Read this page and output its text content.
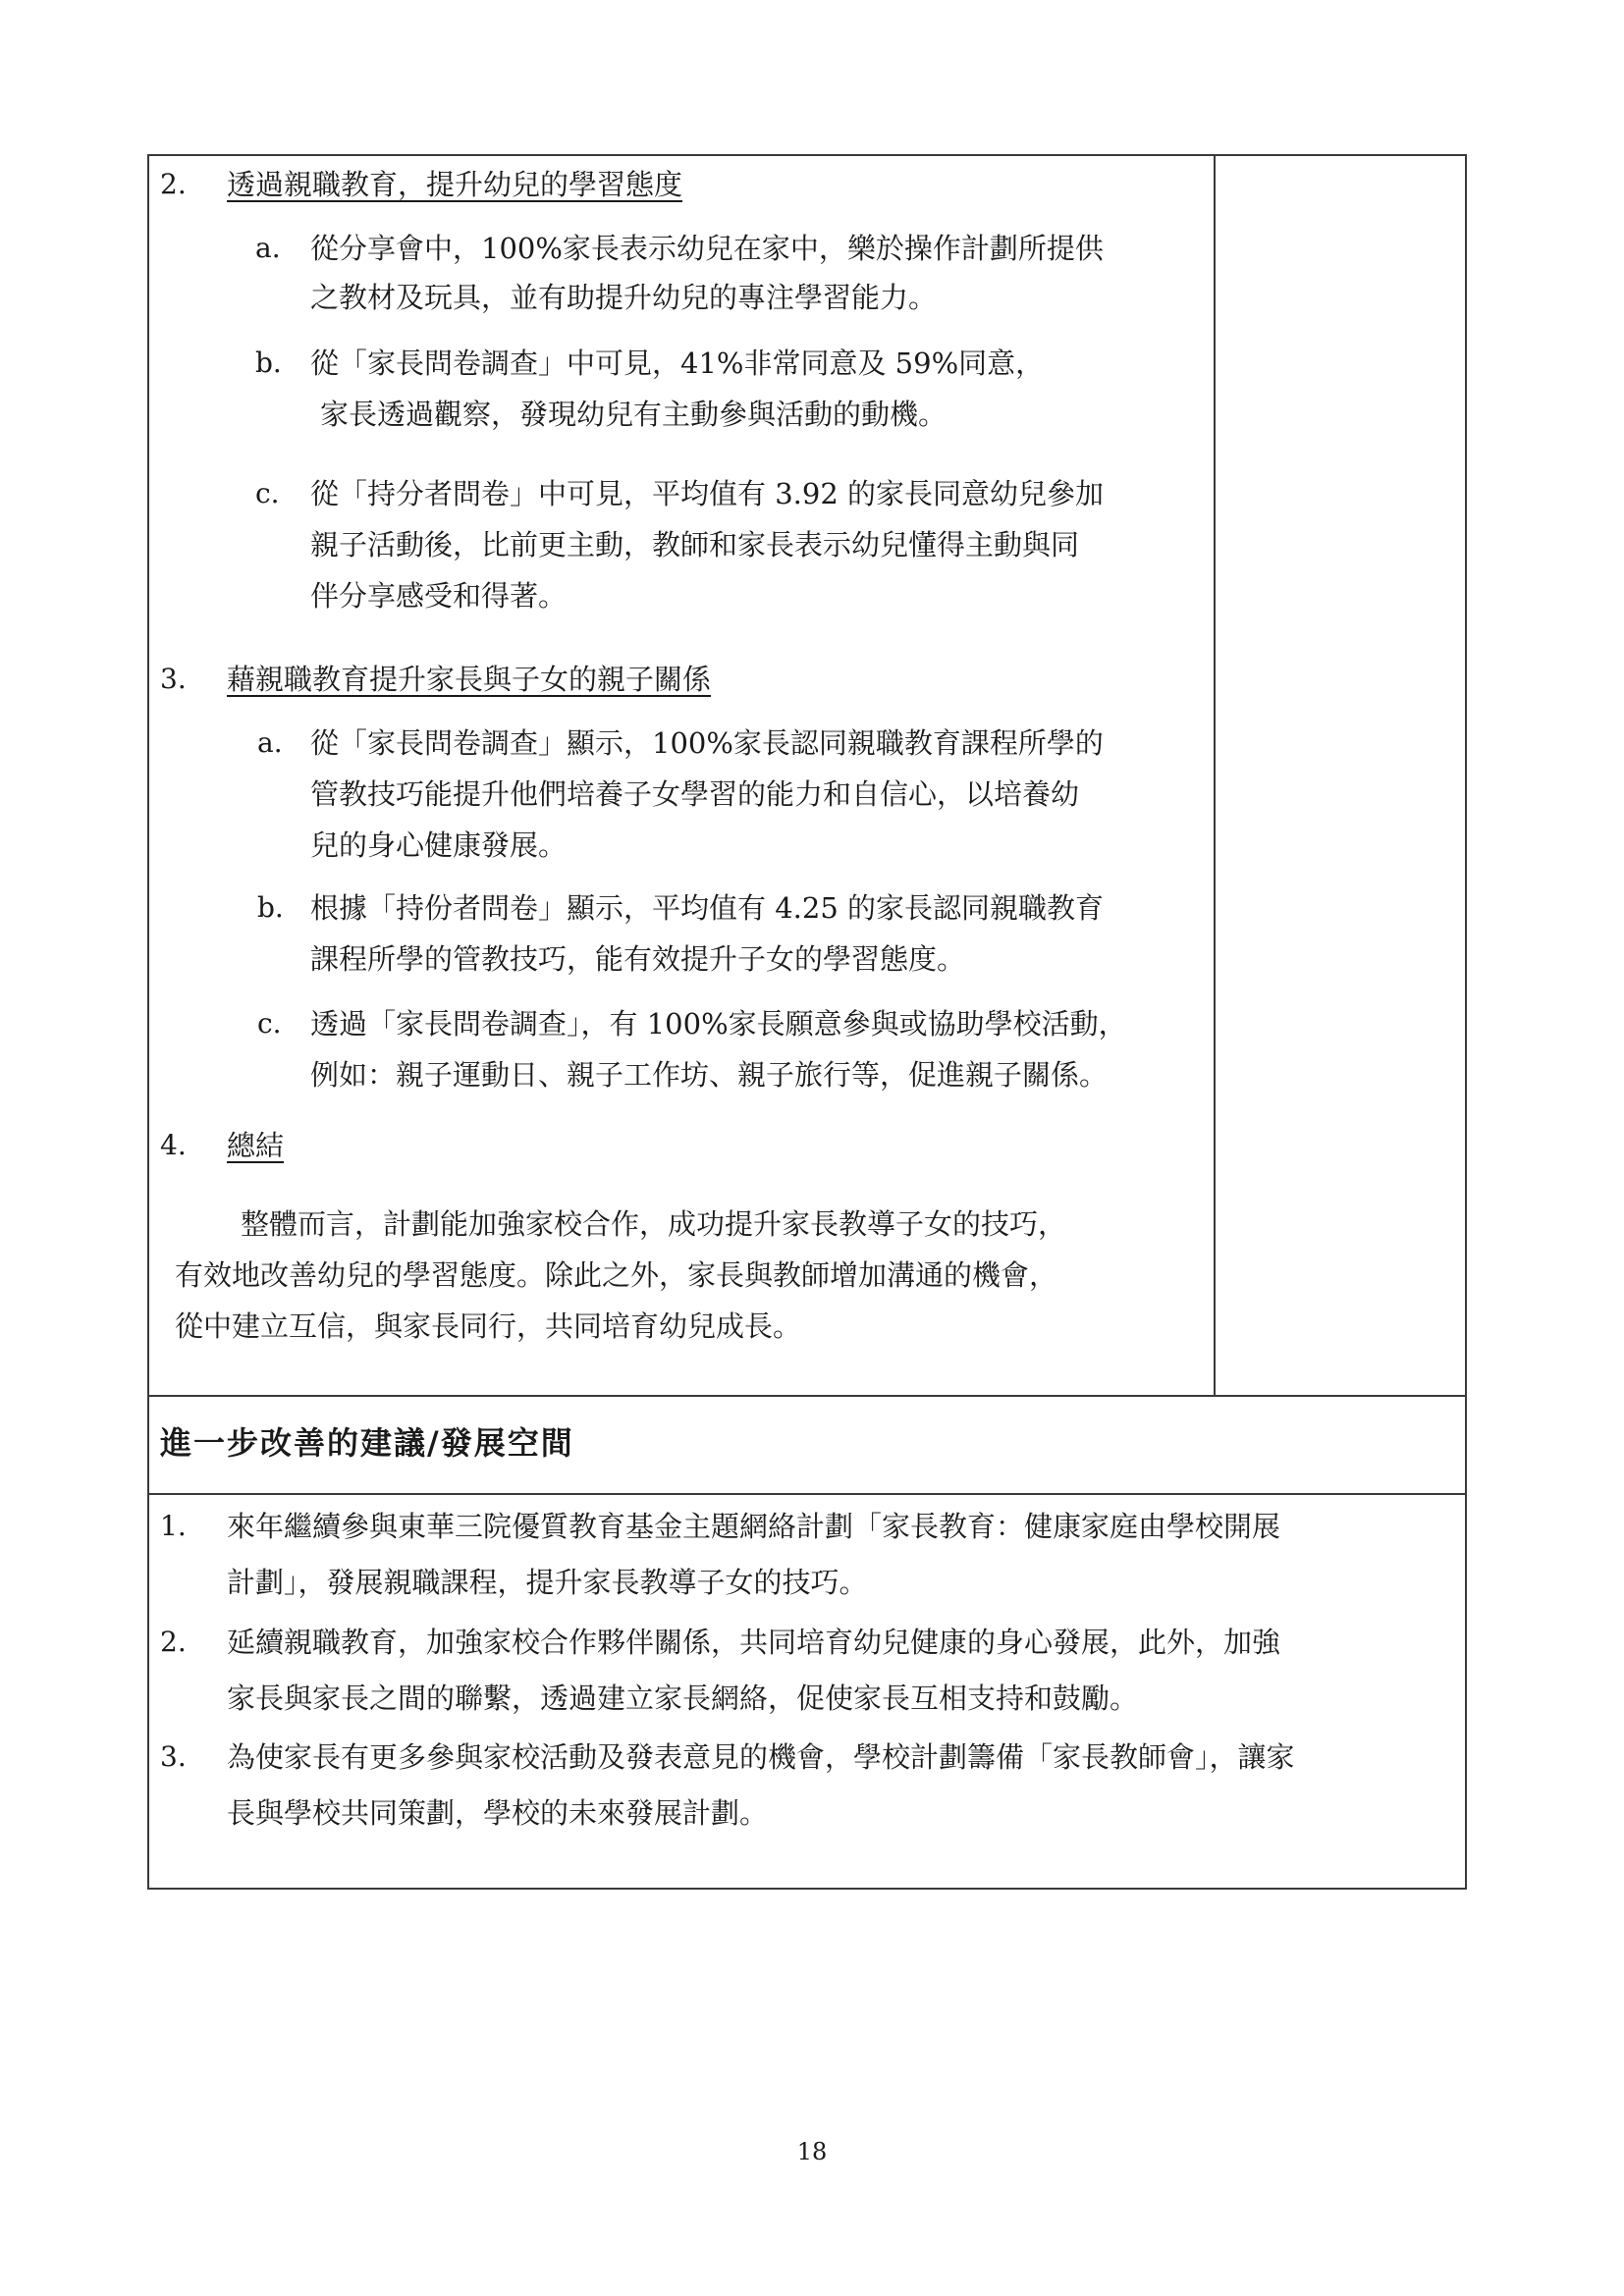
2. 透過親職教育，提升幼兒的學習態度
a. 從分享會中，100%家長表示幼兒在家中，樂於操作計劃所提供
之教材及玩具，並有助提升幼兒的專注學習能力。
b. 從「家長問卷調查」中可見，41%非常同意及 59%同意，
家長透過觀察，發現幼兒有主動參與活動的動機。
c. 從「持分者問卷」中可見，平均值有 3.92 的家長同意幼兒參加
親子活動後，比前更主動，教師和家長表示幼兒懂得主動與同
伴分享感受和得著。
3. 藉親職教育提升家長與子女的親子關係
a. 從「家長問卷調查」顯示，100%家長認同親職教育課程所學的
管教技巧能提升他們培養子女學習的能力和自信心，以培養幼
兒的身心健康發展。
b. 根據「持份者問卷」顯示，平均值有 4.25 的家長認同親職教育
課程所學的管教技巧，能有效提升子女的學習態度。
c. 透過「家長問卷調查」，有 100%家長願意參與或協助學校活動，
例如：親子運動日、親子工作坊、親子旅行等，促進親子關係。
4. 總結
整體而言，計劃能加強家校合作，成功提升家長教導子女的技巧，
有效地改善幼兒的學習態度。除此之外，家長與教師增加溝通的機會，
從中建立互信，與家長同行，共同培育幼兒成長。
進一步改善的建議/發展空間
1. 來年繼續參與東華三院優質教育基金主題網絡計劃「家長教育：健康家庭由學校開展
計劃」，發展親職課程，提升家長教導子女的技巧。
2. 延續親職教育，加強家校合作夥伴關係，共同培育幼兒健康的身心發展，此外，加強
家長與家長之間的聯繫，透過建立家長網絡，促使家長互相支持和鼓勵。
3. 為使家長有更多參與家校活動及發表意見的機會，學校計劃籌備「家長教師會」，讓家
長與學校共同策劃，學校的未來發展計劃。
18
